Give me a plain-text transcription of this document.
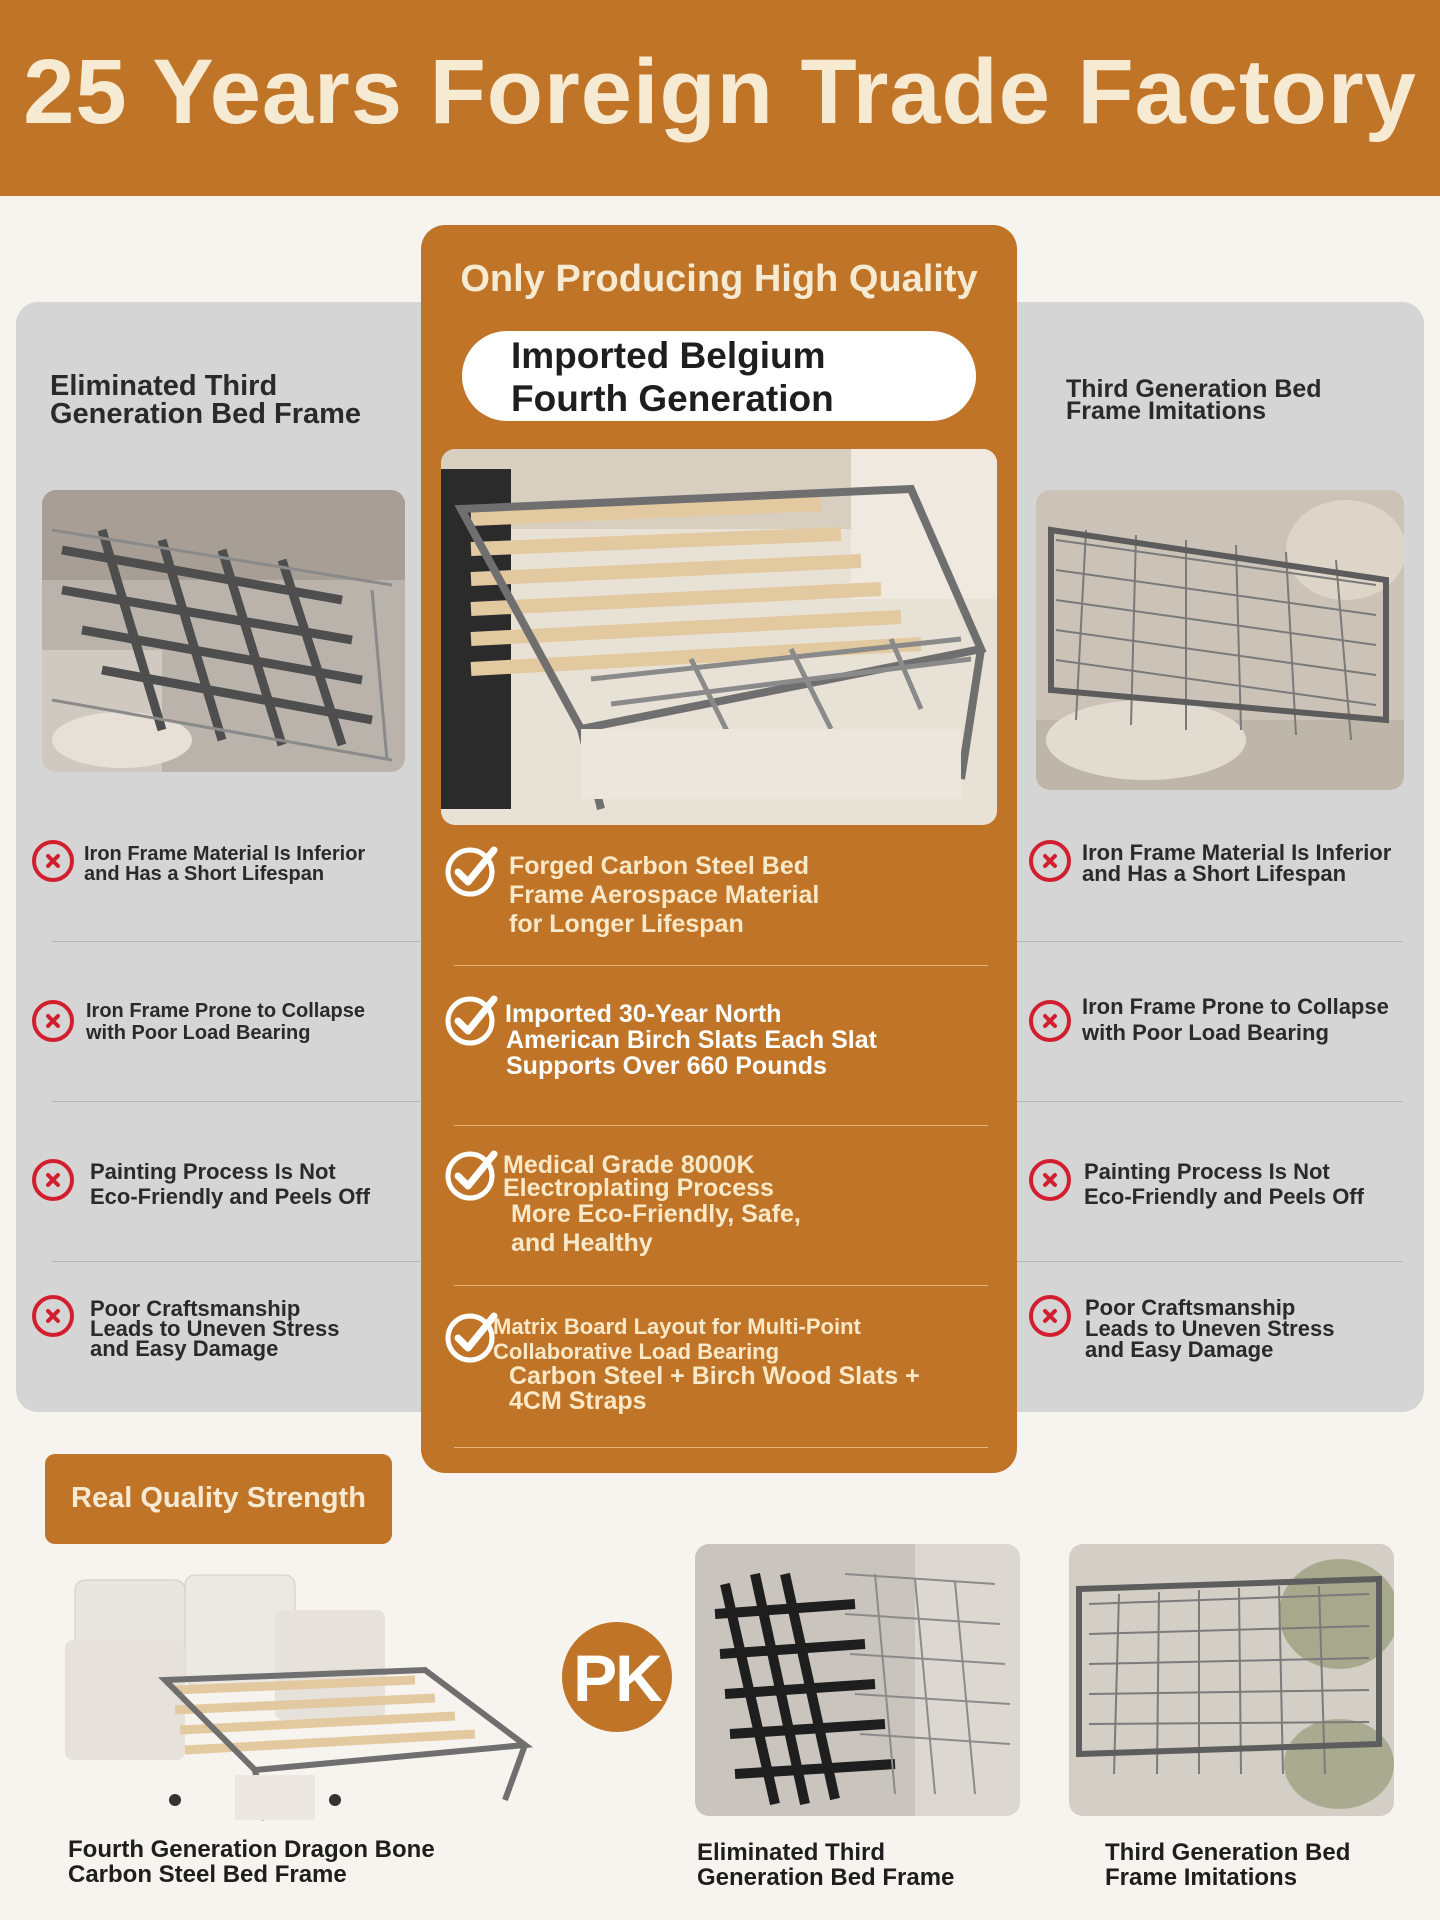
25 Years Foreign Trade Factory
Eliminated Third
Generation Bed Frame
Third Generation Bed
Frame Imitations
Only Producing High Quality
Imported Belgium
Fourth Generation
Iron Frame Material Is Inferior
and Has a Short Lifespan
Iron Frame Prone to Collapse
with Poor Load Bearing
Painting Process Is Not
Eco-Friendly and Peels Off
Poor Craftsmanship
Leads to Uneven Stress
and Easy Damage
Iron Frame Material Is Inferior
and Has a Short Lifespan
Iron Frame Prone to Collapse
with Poor Load Bearing
Painting Process Is Not
Eco-Friendly and Peels Off
Poor Craftsmanship
Leads to Uneven Stress
and Easy Damage
Forged Carbon Steel Bed
Frame Aerospace Material
for Longer Lifespan
Imported 30-Year North
American Birch Slats Each Slat
Supports Over 660 Pounds
Medical Grade 8000K
Electroplating Process
More Eco-Friendly, Safe,
and Healthy
Matrix Board Layout for Multi-Point
Collaborative Load Bearing
Carbon Steel + Birch Wood Slats +
4CM Straps
Real Quality Strength
PK
Fourth Generation Dragon Bone
Carbon Steel Bed Frame
Eliminated Third
Generation Bed Frame
Third Generation Bed
Frame Imitations
